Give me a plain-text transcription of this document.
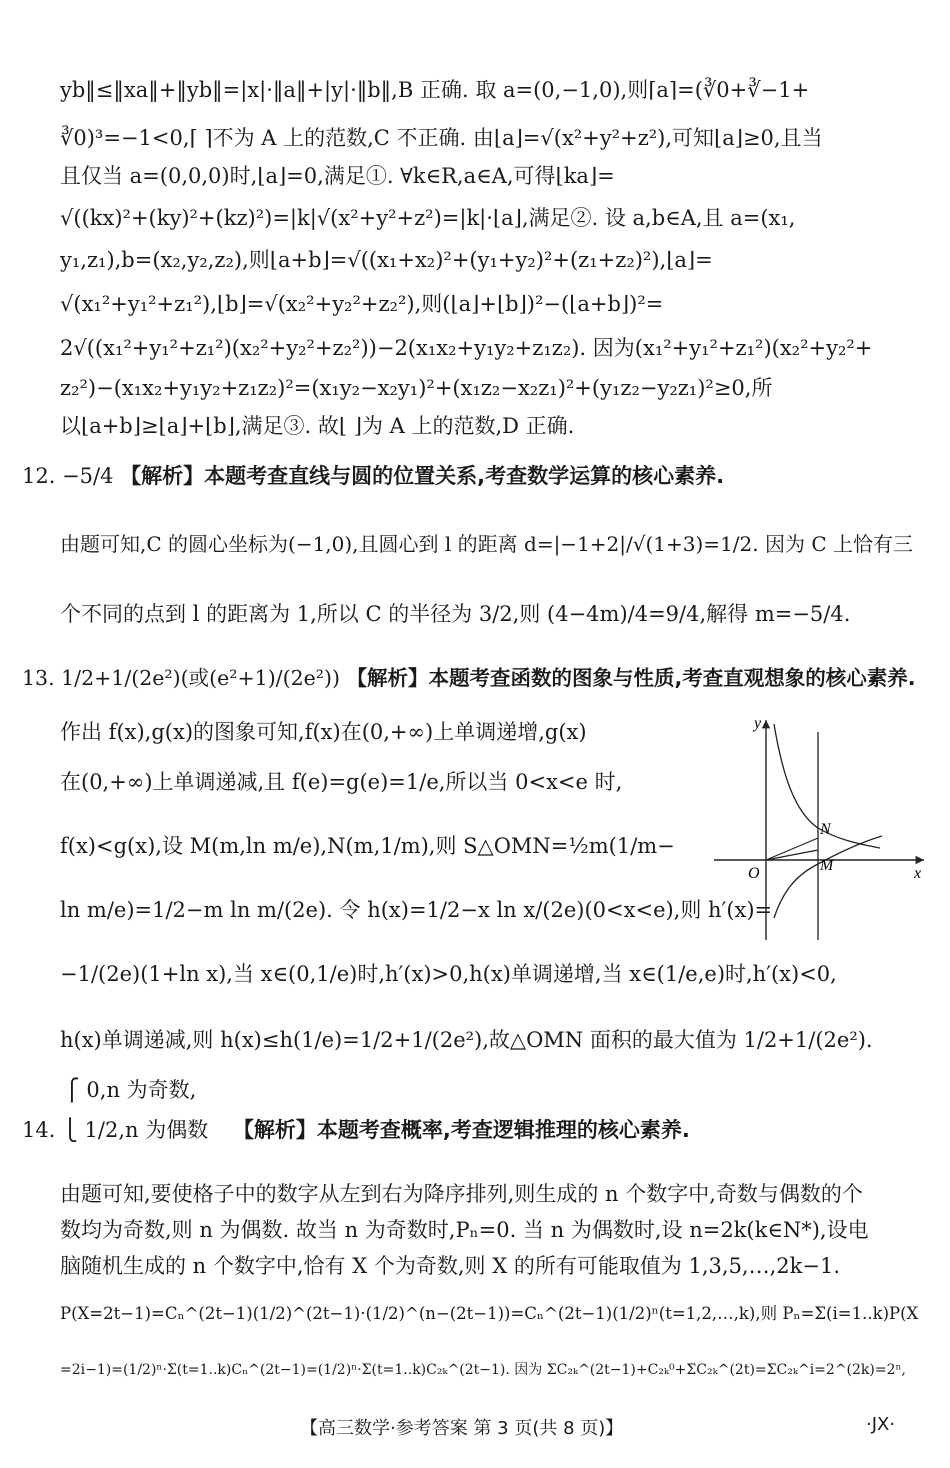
yb‖≤‖xa‖+‖yb‖=|x|·‖a‖+|y|·‖b‖,B 正确. 取 a=(0,−1,0),则⌈a⌉=(∛0+∛−1+
∛0)³=−1<0,⌈ ⌉不为 A 上的范数,C 不正确. 由⌊a⌋=√(x²+y²+z²),可知⌊a⌋≥0,且当
且仅当 a=(0,0,0)时,⌊a⌋=0,满足①. ∀k∈R,a∈A,可得⌊ka⌋=
√((kx)²+(ky)²+(kz)²)=|k|√(x²+y²+z²)=|k|·⌊a⌋,满足②. 设 a,b∈A,且 a=(x₁,
y₁,z₁),b=(x₂,y₂,z₂),则⌊a+b⌋=√((x₁+x₂)²+(y₁+y₂)²+(z₁+z₂)²),⌊a⌋=
√(x₁²+y₁²+z₁²),⌊b⌋=√(x₂²+y₂²+z₂²),则(⌊a⌋+⌊b⌋)²−(⌊a+b⌋)²=
2√((x₁²+y₁²+z₁²)(x₂²+y₂²+z₂²))−2(x₁x₂+y₁y₂+z₁z₂). 因为(x₁²+y₁²+z₁²)(x₂²+y₂²+
z₂²)−(x₁x₂+y₁y₂+z₁z₂)²=(x₁y₂−x₂y₁)²+(x₁z₂−x₂z₁)²+(y₁z₂−y₂z₁)²≥0,所
以⌊a+b⌋≥⌊a⌋+⌊b⌋,满足③. 故⌊ ⌋为 A 上的范数,D 正确.
12. −5/4 【解析】本题考查直线与圆的位置关系,考查数学运算的核心素养.
由题可知,C 的圆心坐标为(−1,0),且圆心到 l 的距离 d=|−1+2|/√(1+3)=1/2. 因为 C 上恰有三
个不同的点到 l 的距离为 1,所以 C 的半径为 3/2,则 (4−4m)/4=9/4,解得 m=−5/4.
13. 1/2+1/(2e²)(或(e²+1)/(2e²)) 【解析】本题考查函数的图象与性质,考查直观想象的核心素养.
作出 f(x),g(x)的图象可知,f(x)在(0,+∞)上单调递增,g(x)
在(0,+∞)上单调递减,且 f(e)=g(e)=1/e,所以当 0<x<e 时,
f(x)<g(x),设 M(m,ln m/e),N(m,1/m),则 S△OMN=½m(1/m−
ln m/e)=1/2−m ln m/(2e). 令 h(x)=1/2−x ln x/(2e)(0<x<e),则 h′(x)=
−1/(2e)(1+ln x),当 x∈(0,1/e)时,h′(x)>0,h(x)单调递增,当 x∈(1/e,e)时,h′(x)<0,
h(x)单调递减,则 h(x)≤h(1/e)=1/2+1/(2e²),故△OMN 面积的最大值为 1/2+1/(2e²).
y
x
O
N
M
⎧ 0,n 为奇数,
14. ⎩ 1/2,n 为偶数 【解析】本题考查概率,考查逻辑推理的核心素养.
由题可知,要使格子中的数字从左到右为降序排列,则生成的 n 个数字中,奇数与偶数的个
数均为奇数,则 n 为偶数. 故当 n 为奇数时,Pₙ=0. 当 n 为偶数时,设 n=2k(k∈N*),设电
脑随机生成的 n 个数字中,恰有 X 个为奇数,则 X 的所有可能取值为 1,3,5,…,2k−1.
P(X=2t−1)=Cₙ^(2t−1)(1/2)^(2t−1)·(1/2)^(n−(2t−1))=Cₙ^(2t−1)(1/2)ⁿ(t=1,2,…,k),则 Pₙ=Σ(i=1..k)P(X
=2i−1)=(1/2)ⁿ·Σ(t=1..k)Cₙ^(2t−1)=(1/2)ⁿ·Σ(t=1..k)C₂ₖ^(2t−1). 因为 ΣC₂ₖ^(2t−1)+C₂ₖ⁰+ΣC₂ₖ^(2t)=ΣC₂ₖ^i=2^(2k)=2ⁿ,
【高三数学·参考答案 第 3 页(共 8 页)】	·JX·
